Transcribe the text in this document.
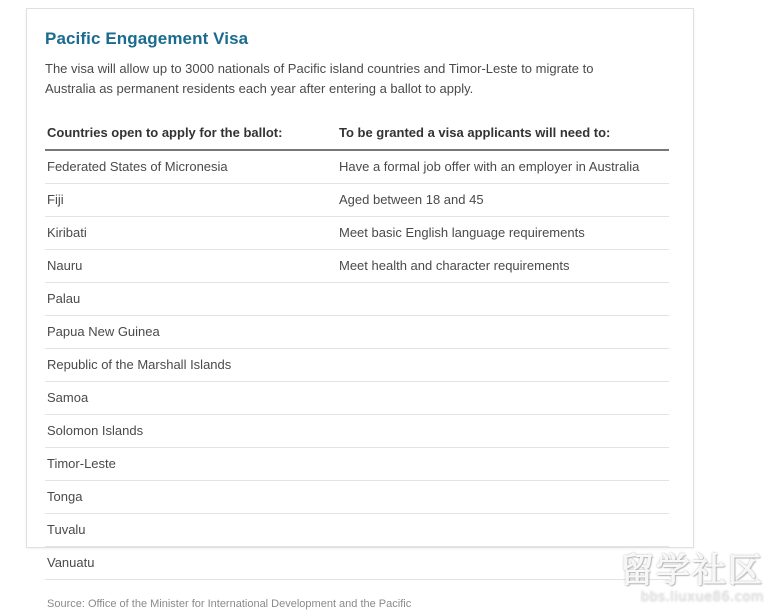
Pacific Engagement Visa

The visa will allow up to 3000 nationals of Pacific island countries and Timor-Leste to migrate to Australia as permanent residents each year after entering a ballot to apply.

Countries open to apply for the ballot:	To be granted a visa applicants will need to:
Federated States of Micronesia	Have a formal job offer with an employer in Australia
Fiji	Aged between 18 and 45
Kiribati	Meet basic English language requirements
Nauru	Meet health and character requirements
Palau	
Papua New Guinea	
Republic of the Marshall Islands	
Samoa	
Solomon Islands	
Timor-Leste	
Tonga	
Tuvalu	
Vanuatu	
Source: Office of the Minister for International Development and the Pacific
留学社区
bbs.liuxue86.com
